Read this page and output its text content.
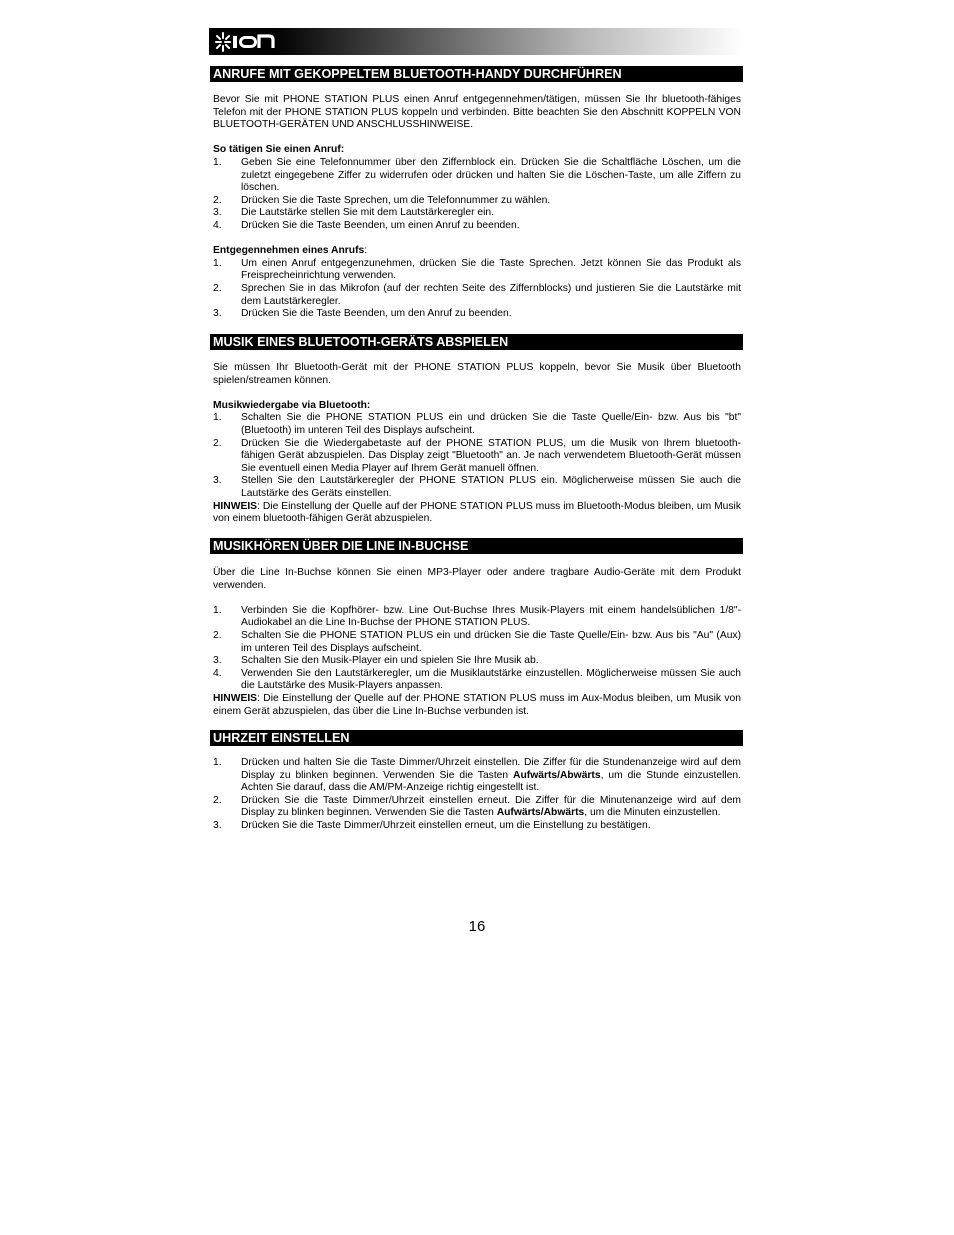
ANRUFE MIT GEKOPPELTEM BLUETOOTH-HANDY DURCHFÜHREN

Bevor Sie mit PHONE STATION PLUS einen Anruf entgegennehmen/tätigen, müssen Sie Ihr bluetooth-fähiges Telefon mit der PHONE STATION PLUS koppeln und verbinden. Bitte beachten Sie den Abschnitt KOPPELN VON BLUETOOTH-GERÄTEN UND ANSCHLUSSHINWEISE.

So tätigen Sie einen Anruf:

1. Geben Sie eine Telefonnummer über den Ziffernblock ein. Drücken Sie die Schaltfläche Löschen, um die zuletzt eingegebene Ziffer zu widerrufen oder drücken und halten Sie die Löschen-Taste, um alle Ziffern zu löschen.
2. Drücken Sie die Taste Sprechen, um die Telefonnummer zu wählen.
3. Die Lautstärke stellen Sie mit dem Lautstärkeregler ein.
4. Drücken Sie die Taste Beenden, um einen Anruf zu beenden.

Entgegennehmen eines Anrufs:

1. Um einen Anruf entgegenzunehmen, drücken Sie die Taste Sprechen. Jetzt können Sie das Produkt als Freisprecheinrichtung verwenden.
2. Sprechen Sie in das Mikrofon (auf der rechten Seite des Ziffernblocks) und justieren Sie die Lautstärke mit dem Lautstärkeregler.
3. Drücken Sie die Taste Beenden, um den Anruf zu beenden.
MUSIK EINES BLUETOOTH-GERÄTS ABSPIELEN

Sie müssen Ihr Bluetooth-Gerät mit der PHONE STATION PLUS koppeln, bevor Sie Musik über Bluetooth spielen/streamen können.

Musikwiedergabe via Bluetooth:

1. Schalten Sie die PHONE STATION PLUS ein und drücken Sie die Taste Quelle/Ein- bzw. Aus bis "bt" (Bluetooth) im unteren Teil des Displays aufscheint.
2. Drücken Sie die Wiedergabetaste auf der PHONE STATION PLUS, um die Musik von Ihrem bluetooth-fähigen Gerät abzuspielen. Das Display zeigt "Bluetooth" an. Je nach verwendetem Bluetooth-Gerät müssen Sie eventuell einen Media Player auf Ihrem Gerät manuell öffnen.
3. Stellen Sie den Lautstärkeregler der PHONE STATION PLUS ein. Möglicherweise müssen Sie auch die Lautstärke des Geräts einstellen.

HINWEIS: Die Einstellung der Quelle auf der PHONE STATION PLUS muss im Bluetooth-Modus bleiben, um Musik von einem bluetooth-fähigen Gerät abzuspielen.

MUSIKHÖREN ÜBER DIE LINE IN-BUCHSE

Über die Line In-Buchse können Sie einen MP3-Player oder andere tragbare Audio-Geräte mit dem Produkt verwenden.

1. Verbinden Sie die Kopfhörer- bzw. Line Out-Buchse Ihres Musik-Players mit einem handelsüblichen 1/8"-Audiokabel an die Line In-Buchse der PHONE STATION PLUS.
2. Schalten Sie die PHONE STATION PLUS ein und drücken Sie die Taste Quelle/Ein- bzw. Aus bis "Au" (Aux) im unteren Teil des Displays aufscheint.
3. Schalten Sie den Musik-Player ein und spielen Sie Ihre Musik ab.
4. Verwenden Sie den Lautstärkeregler, um die Musiklautstärke einzustellen. Möglicherweise müssen Sie auch die Lautstärke des Musik-Players anpassen.

HINWEIS: Die Einstellung der Quelle auf der PHONE STATION PLUS muss im Aux-Modus bleiben, um Musik von einem Gerät abzuspielen, das über die Line In-Buchse verbunden ist.

UHRZEIT EINSTELLEN
1. Drücken und halten Sie die Taste Dimmer/Uhrzeit einstellen. Die Ziffer für die Stundenanzeige wird auf dem Display zu blinken beginnen. Verwenden Sie die Tasten Aufwärts/Abwärts, um die Stunde einzustellen. Achten Sie darauf, dass die AM/PM-Anzeige richtig eingestellt ist.
2. Drücken Sie die Taste Dimmer/Uhrzeit einstellen erneut. Die Ziffer für die Minutenanzeige wird auf dem Display zu blinken beginnen. Verwenden Sie die Tasten Aufwärts/Abwärts, um die Minuten einzustellen.
3. Drücken Sie die Taste Dimmer/Uhrzeit einstellen erneut, um die Einstellung zu bestätigen.
16
